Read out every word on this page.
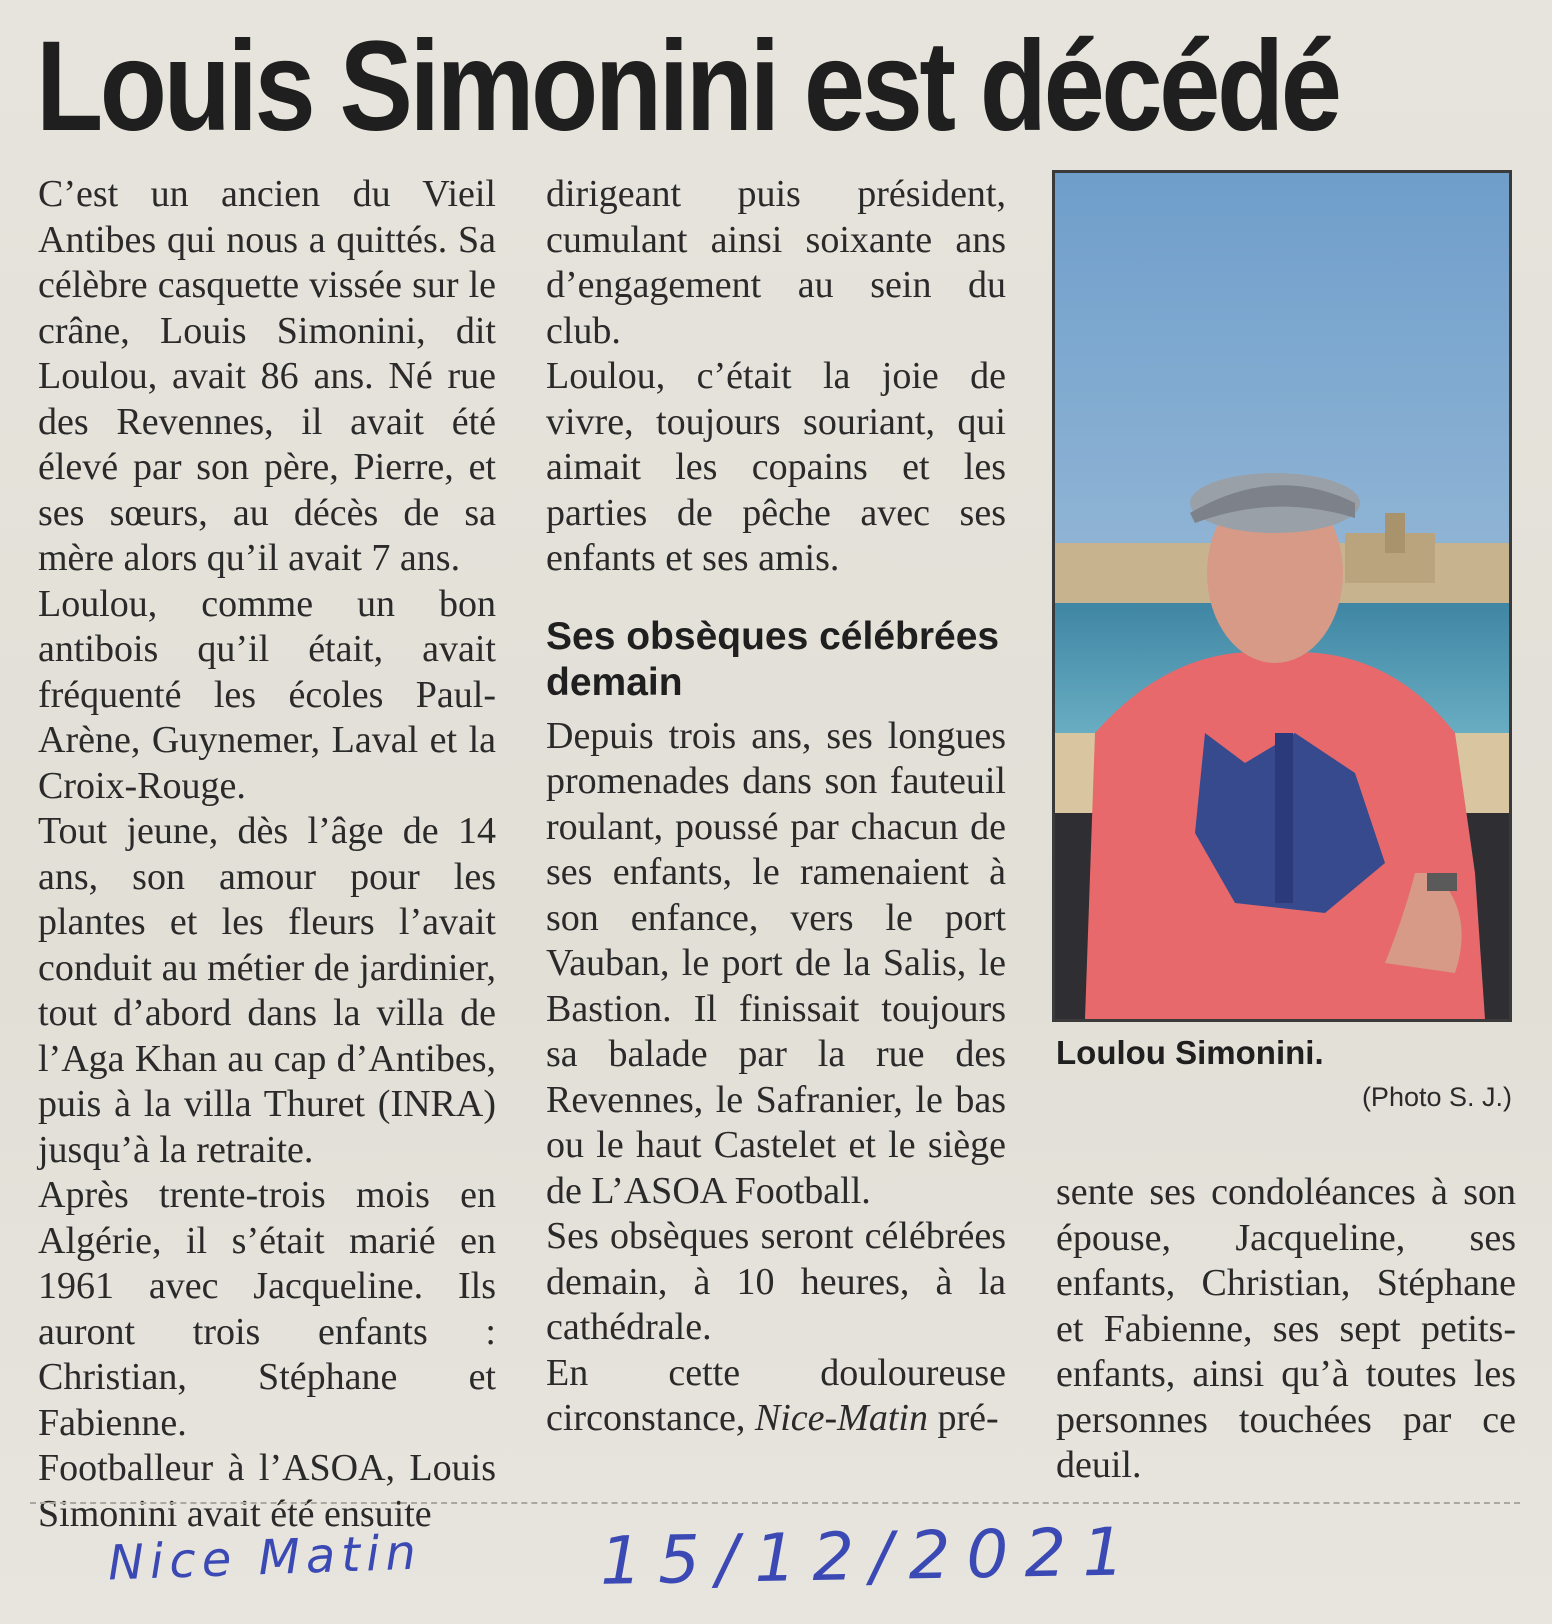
Louis Simonini est décédé

C’est un ancien du Vieil Antibes qui nous a quittés. Sa célèbre casquette vissée sur le crâne, Louis Simonini, dit Loulou, avait 86 ans. Né rue des Revennes, il avait été élevé par son père, Pierre, et ses sœurs, au décès de sa mère alors qu’il avait 7 ans.

Loulou, comme un bon antibois qu’il était, avait fréquenté les écoles Paul-Arène, Guynemer, Laval et la Croix-Rouge.

Tout jeune, dès l’âge de 14 ans, son amour pour les plantes et les fleurs l’avait conduit au métier de jardinier, tout d’abord dans la villa de l’Aga Khan au cap d’Antibes, puis à la villa Thuret (INRA) jusqu’à la retraite.

Après trente-trois mois en Algérie, il s’était marié en 1961 avec Jacqueline. Ils auront trois enfants : Christian, Stéphane et Fabienne.

Footballeur à l’ASOA, Louis Simonini avait été ensuite

dirigeant puis président, cumulant ainsi soixante ans d’engagement au sein du club.

Loulou, c’était la joie de vivre, toujours souriant, qui aimait les copains et les parties de pêche avec ses enfants et ses amis.

Ses obsèques célébrées demain

Depuis trois ans, ses longues promenades dans son fauteuil roulant, poussé par chacun de ses enfants, le ramenaient à son enfance, vers le port Vauban, le port de la Salis, le Bastion. Il finissait toujours sa balade par la rue des Revennes, le Safranier, le bas ou le haut Castelet et le siège de L’ASOA Football.

Ses obsèques seront célébrées demain, à 10 heures, à la cathédrale.

En cette douloureuse circonstance, Nice-Matin pré-

Loulou Simonini.
(Photo S. J.)

sente ses condoléances à son épouse, Jacqueline, ses enfants, Christian, Stéphane et Fabienne, ses sept petits-enfants, ainsi qu’à toutes les personnes touchées par ce deuil.

Nice Matin	15/12/2021
